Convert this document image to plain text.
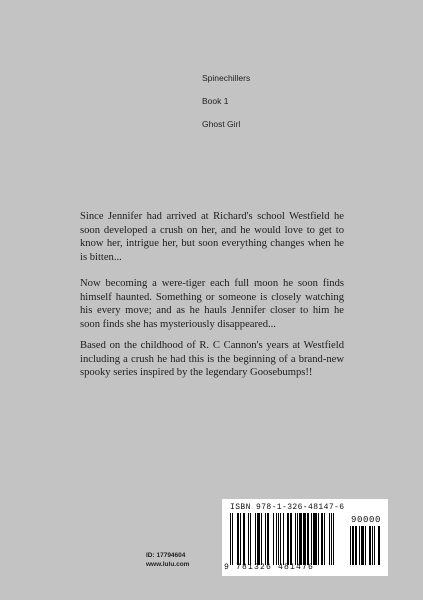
Spinechillers
Book 1
Ghost Girl

Since Jennifer had arrived at Richard's school Westfield he soon developed a crush on her, and he would love to get to know her, intrigue her, but soon everything changes when he is bitten...

Now becoming a were-tiger each full moon he soon finds himself haunted. Something or someone is closely watching his every move; and as he hauls Jennifer closer to him he soon finds she has mysteriously disappeared...

Based on the childhood of R. C Cannon's years at Westfield including a crush he had this is the beginning of a brand-new spooky series inspired by the legendary Goosebumps!!

ISBN 978-1-326-48147-6
90000
9 781326 481476
ID: 17794604
www.lulu.com
